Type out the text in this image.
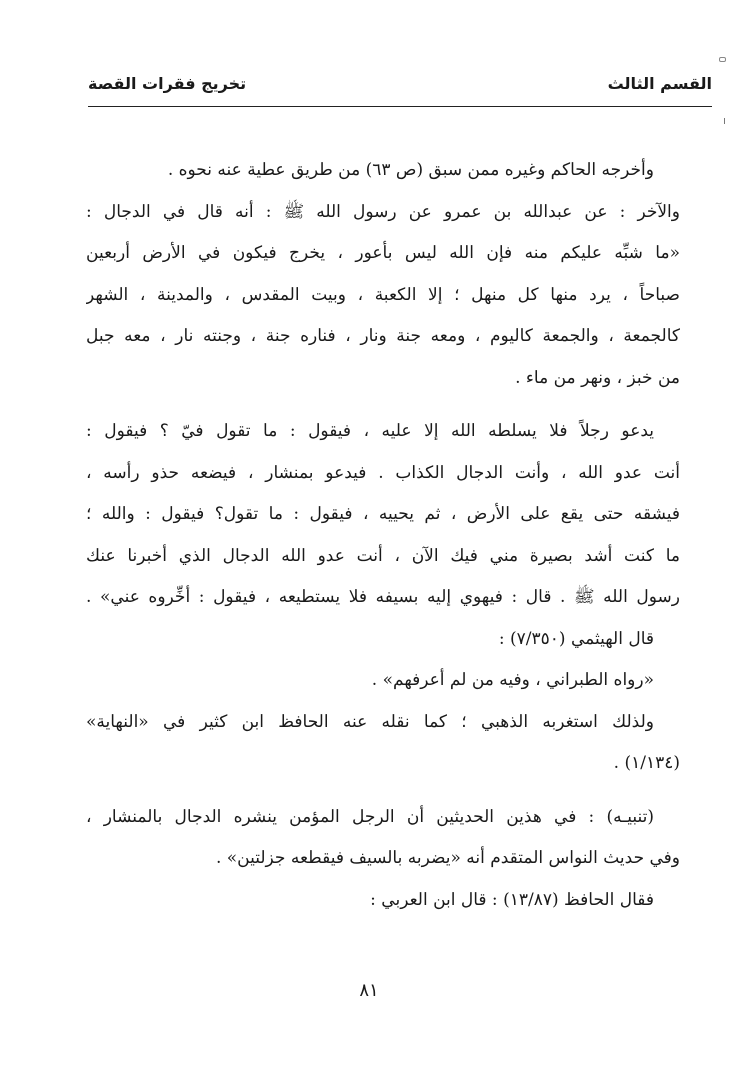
القسم الثالث
تخريج فقرات القصة
وأخرجه الحاكم وغيره ممن سبق (ص ٦٣) من طريق عطية عنه نحوه .
والآخر : عن عبدالله بن عمرو عن رسول الله ﷺ : أنه قال في الدجال :
«ما شبِّه عليكم منه فإن الله ليس بأعور ، يخرج فيكون في الأرض أربعين
صباحاً ، يرد منها كل منهل ؛ إلا الكعبة ، وبيت المقدس ، والمدينة ، الشهر
كالجمعة ، والجمعة كاليوم ، ومعه جنة ونار ، فناره جنة ، وجنته نار ، معه جبل
من خبز ، ونهر من ماء .
يدعو رجلاً فلا يسلطه الله إلا عليه ، فيقول : ما تقول فيّ ؟ فيقول :
أنت عدو الله ، وأنت الدجال الكذاب . فيدعو بمنشار ، فيضعه حذو رأسه ،
فيشقه حتى يقع على الأرض ، ثم يحييه ، فيقول : ما تقول؟ فيقول : والله ؛
ما كنت أشد بصيرة مني فيك الآن ، أنت عدو الله الدجال الذي أخبرنا عنك
رسول الله ﷺ . قال : فيهوي إليه بسيفه فلا يستطيعه ، فيقول : أخِّروه عني» .
قال الهيثمي (٧/٣٥٠) :
«رواه الطبراني ، وفيه من لم أعرفهم» .
ولذلك استغربه الذهبي ؛ كما نقله عنه الحافظ ابن كثير في «النهاية»
(١/١٣٤) .
(تنبيـه) : في هذين الحديثين أن الرجل المؤمن ينشره الدجال بالمنشار ،
وفي حديث النواس المتقدم أنه «يضربه بالسيف فيقطعه جزلتين» .
فقال الحافظ (١٣/٨٧) : قال ابن العربي :
٨١
